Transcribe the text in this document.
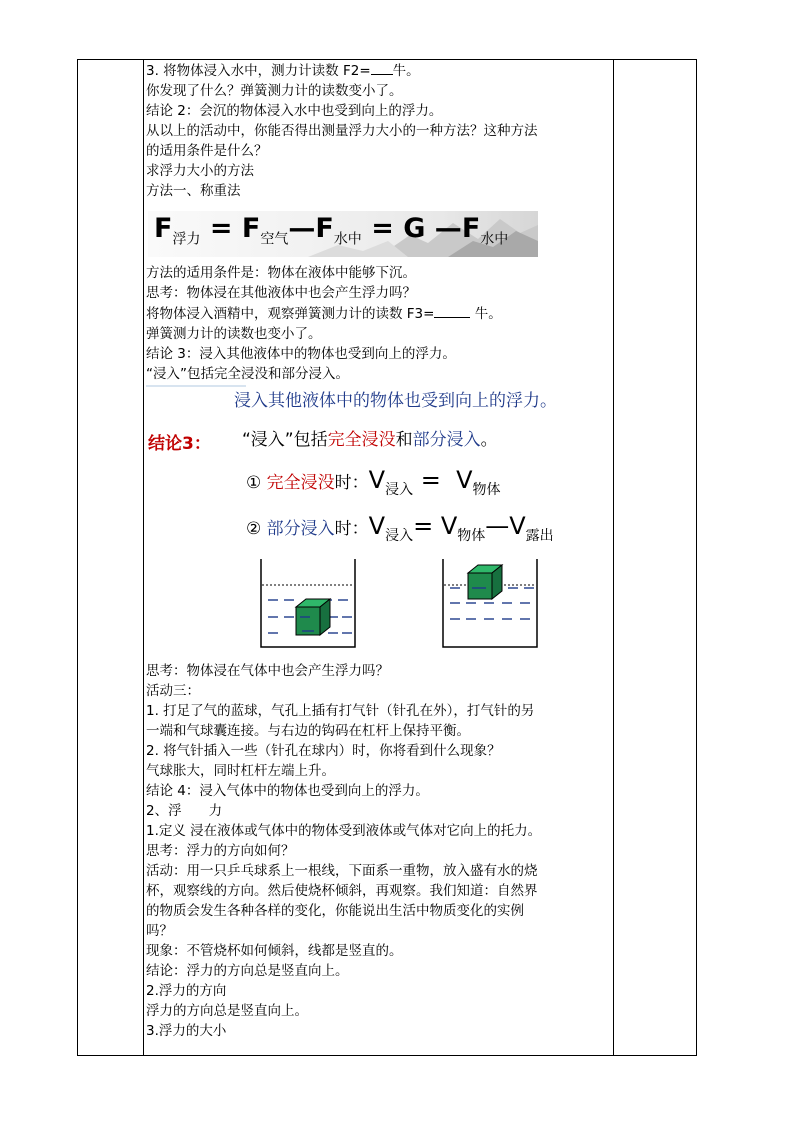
3. 将物体浸入水中，测力计读数 F2= 牛。
你发现了什么？弹簧测力计的读数变小了。
结论 2：会沉的物体浸入水中也受到向上的浮力。
从以上的活动中，你能否得出测量浮力大小的一种方法？这种方法
的适用条件是什么？
求浮力大小的方法
方法一、称重法
$F_{浮力}$ = $F_{空气}—F_{水中} = G$ $—F_{水中}$
方法的适用条件是：物体在液体中能够下沉。
思考：物体浸在其他液体中也会产生浮力吗？
将物体浸入酒精中，观察弹簧测力计的读数 F3=	牛。
弹簧测力计的读数也变小了。
结论 3：浸入其他液体中的物体也受到向上的浮力。
“浸入”包括完全浸没和部分浸入。
浸入其他液体中的物体也受到向上的浮力。
结论3： “浸入”包括完全浸没和部分浸入。
① 完全浸没时：$V_{浸入} = V_{物体}$
② 部分浸入时：$V_{浸入}=$ $V_{物体}—V_{露出}$
思考：物体浸在气体中也会产生浮力吗？
活动三：
1. 打足了气的蓝球，气孔上插有打气针（针孔在外），打气针的另
一端和气球囊连接。与右边的钩码在杠杆上保持平衡。
2. 将气针插入一些（针孔在球内）时，你将看到什么现象？
气球胀大，同时杠杆左端上升。
结论 4：浸入气体中的物体也受到向上的浮力。
2、浮　　力
1.定义 浸在液体或气体中的物体受到液体或气体对它向上的托力。
思考：浮力的方向如何？
活动：用一只乒乓球系上一根线，下面系一重物，放入盛有水的烧
杯，观察线的方向。然后使烧杯倾斜，再观察。我们知道：自然界
的物质会发生各种各样的变化，你能说出生活中物质变化的实例
吗？
现象：不管烧杯如何倾斜，线都是竖直的。
结论：浮力的方向总是竖直向上。
2.浮力的方向
浮力的方向总是竖直向上。
3.浮力的大小
